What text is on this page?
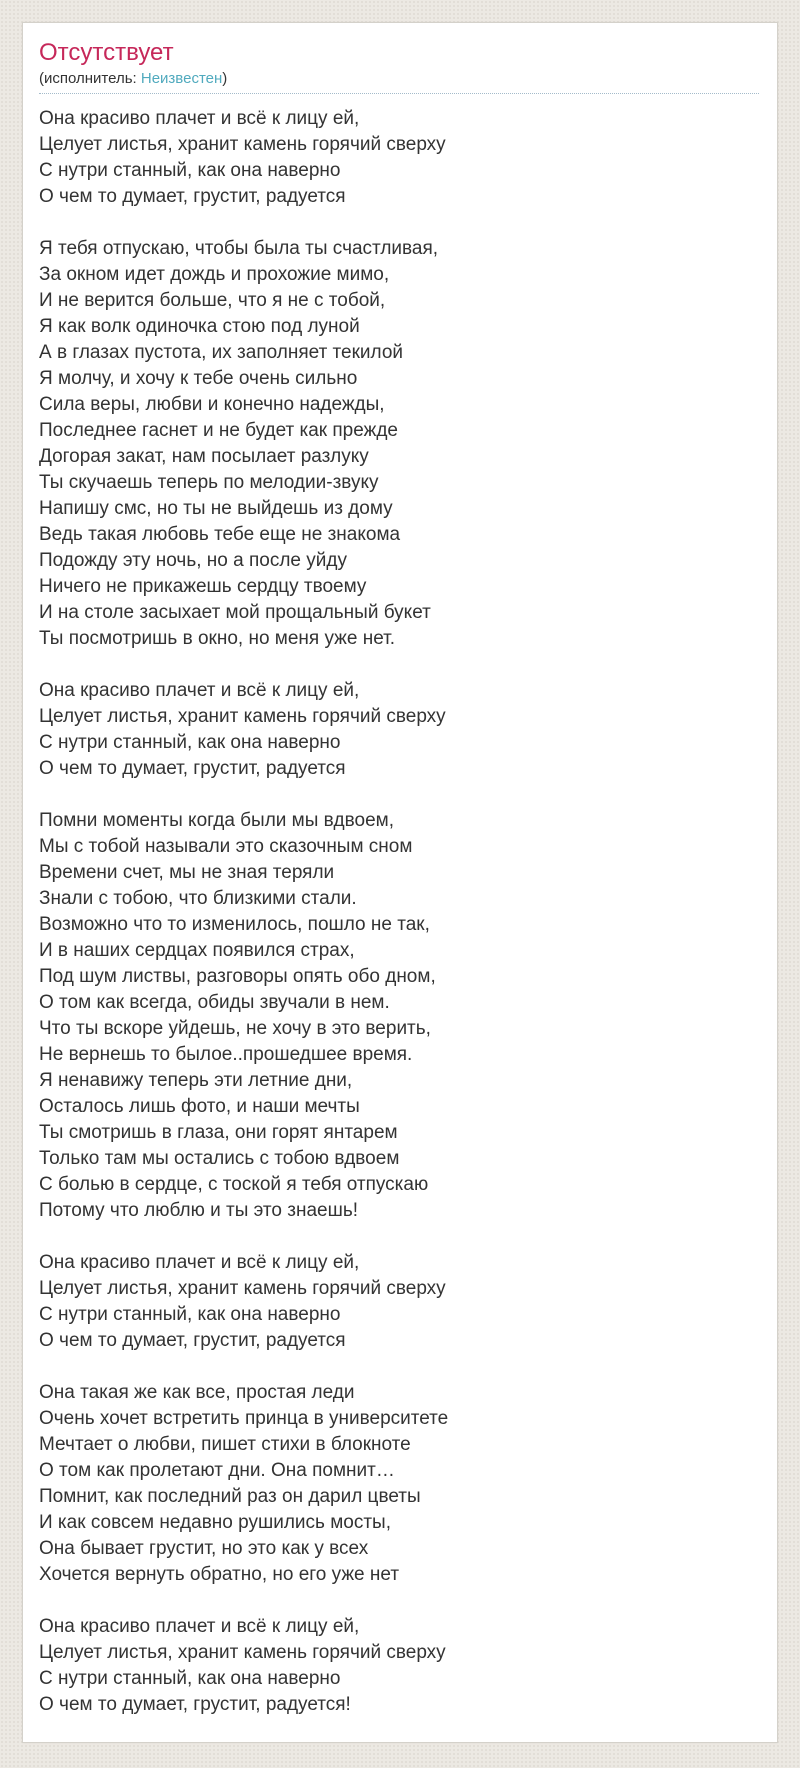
Отсутствует
(исполнитель: Неизвестен)

Она красиво плачет и всё к лицу ей,
Целует листья, хранит камень горячий сверху
С нутри станный, как она наверно
О чем то думает, грустит, радуется

Я тебя отпускаю, чтобы была ты счастливая,
За окном идет дождь и прохожие мимо,
И не верится больше, что я не с тобой,
Я как волк одиночка стою под луной
А в глазах пустота, их заполняет текилой
Я молчу, и хочу к тебе очень сильно
Сила веры, любви и конечно надежды,
Последнее гаснет и не будет как прежде
Догорая закат, нам посылает разлуку
Ты скучаешь теперь по мелодии-звуку
Напишу смс, но ты не выйдешь из дому
Ведь такая любовь тебе еще не знакома
Подожду эту ночь, но а после уйду
Ничего не прикажешь сердцу твоему
И на столе засыхает мой прощальный букет
Ты посмотришь в окно, но меня уже нет.

Она красиво плачет и всё к лицу ей,
Целует листья, хранит камень горячий сверху
С нутри станный, как она наверно
О чем то думает, грустит, радуется

Помни моменты когда были мы вдвоем,
Мы с тобой называли это сказочным сном
Времени счет, мы не зная теряли
Знали с тобою, что близкими стали.
Возможно что то изменилось, пошло не так,
И в наших сердцах появился страх,
Под шум листвы, разговоры опять обо дном,
О том как всегда, обиды звучали в нем.
Что ты вскоре уйдешь, не хочу в это верить,
Не вернешь то былое..прошедшее время.
Я ненавижу теперь эти летние дни,
Осталось лишь фото, и наши мечты
Ты смотришь в глаза, они горят янтарем
Только там мы остались с тобою вдвоем
С болью в сердце, с тоской я тебя отпускаю
Потому что люблю и ты это знаешь!

Она красиво плачет и всё к лицу ей,
Целует листья, хранит камень горячий сверху
С нутри станный, как она наверно
О чем то думает, грустит, радуется

Она такая же как все, простая леди
Очень хочет встретить принца в университете
Мечтает о любви, пишет стихи в блокноте
О том как пролетают дни. Она помнит…
Помнит, как последний раз он дарил цветы
И как совсем недавно рушились мосты,
Она бывает грустит, но это как у всех
Хочется вернуть обратно, но его уже нет

Она красиво плачет и всё к лицу ей,
Целует листья, хранит камень горячий сверху
С нутри станный, как она наверно
О чем то думает, грустит, радуется!
